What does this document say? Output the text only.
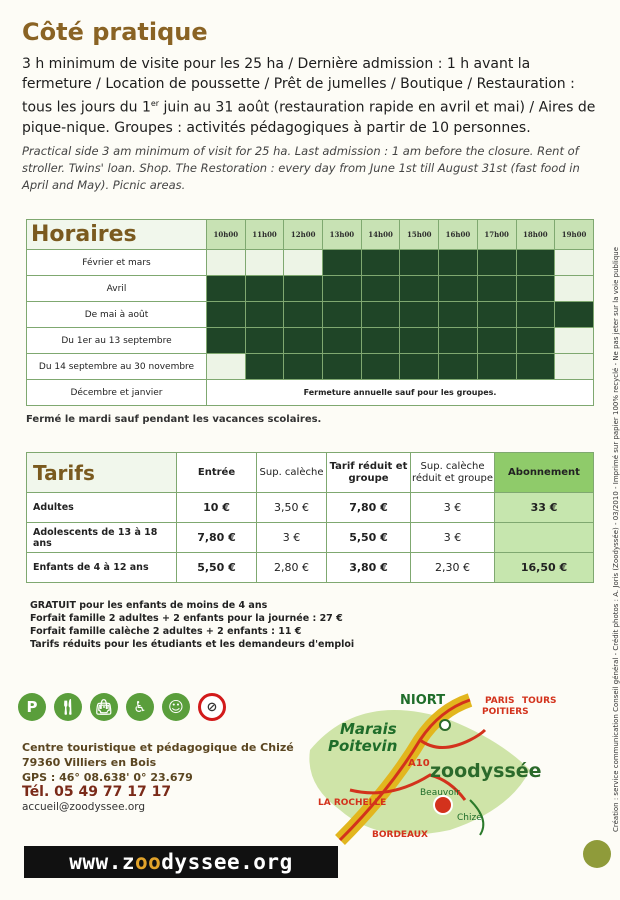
Côté pratique
3 h minimum de visite pour les 25 ha / Dernière admission : 1 h avant la fermeture / Location de poussette / Prêt de jumelles / Boutique / Restauration : tous les jours du 1er juin au 31 août (restauration rapide en avril et mai) / Aires de pique-nique. Groupes : activités pédagogiques à partir de 10 personnes.
Practical side 3 am minimum of visit for 25 ha. Last admission : 1 am before the closure. Rent of stroller. Twins' loan. Shop. The Restoration : every day from June 1st till August 31st (fast food in April and May). Picnic areas.
Horaires	10h00	11h00	12h00	13h00	14h00	15h00	16h00	17h00	18h00	19h00
Février et mars										
Avril										
De mai à août										
Du 1er au 13 septembre										
Du 14 septembre au 30 novembre										
Décembre et janvier	Fermeture annuelle sauf pour les groupes.									
Fermé le mardi sauf pendant les vacances scolaires.
Tarifs	Entrée	Sup. calèche	Tarif réduit et groupe	Sup. calèche réduit et groupe	Abonnement
Adultes	10 €	3,50 €	7,80 €	3 €	33 €
Adolescents de 13 à 18 ans	7,80 €	3 €	5,50 €	3 €	
Enfants de 4 à 12 ans	5,50 €	2,80 €	3,80 €	2,30 €	16,50 €
GRATUIT pour les enfants de moins de 4 ans
Forfait famille 2 adultes + 2 enfants pour la journée : 27 €
Forfait famille calèche 2 adultes + 2 enfants : 11 €
Tarifs réduits pour les étudiants et les demandeurs d'emploi
P	🍴︎ 👜︎	♿︎	☺	⊘
Centre touristique et pédagogique de Chizé
79360 Villiers en Bois
GPS : 46° 08.638' 0° 23.679
Tél. 05 49 77 17 17
accueil@zoodyssee.org
NIORT	PARIS TOURS
POITIERS
Marais
Poitevin
A10 zoodyssée
Beauvoir
LA ROCHELLE
Chizé
BORDEAUX
www.z oo dyssee.org
Création : service communication Conseil général - Crédit photos : A. Joris (Zoodyssée) - 03/2010 - Imprimé sur papier 100% recyclé - Ne pas jeter sur la voie publique
